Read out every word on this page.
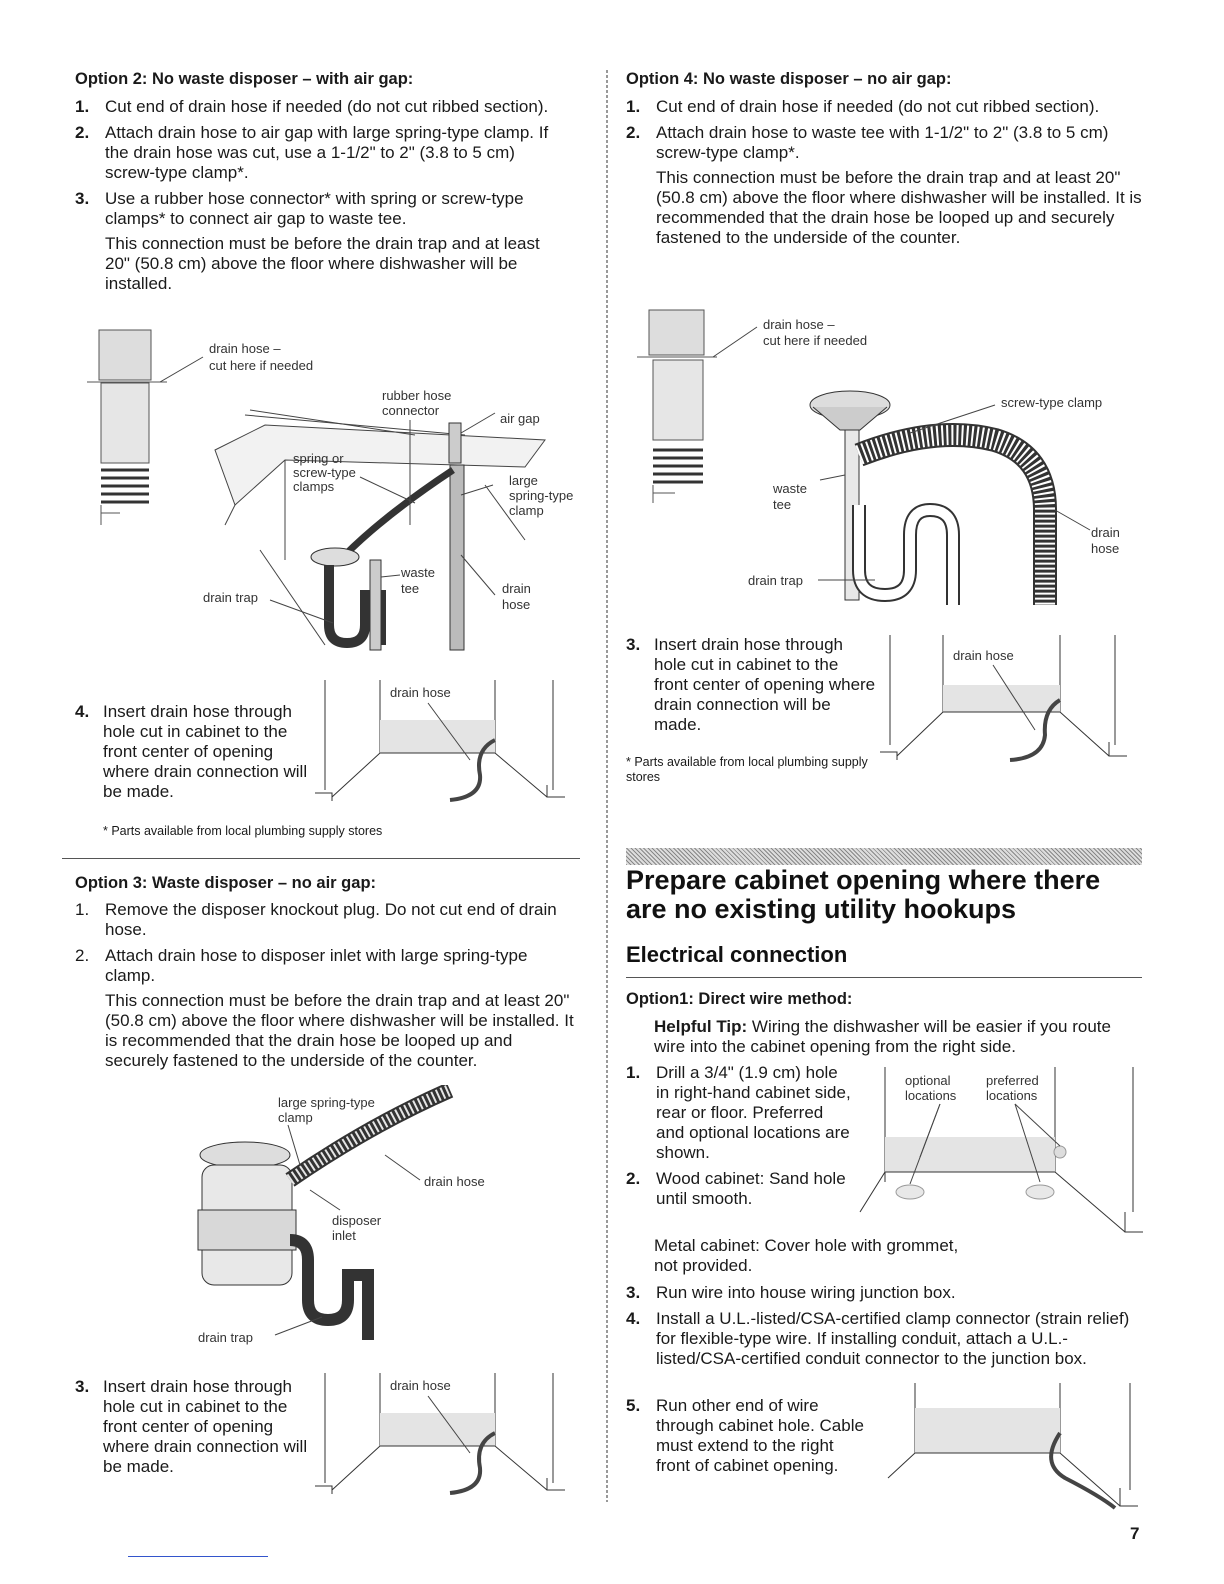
Option 2: No waste disposer – with air gap:
1. Cut end of drain hose if needed (do not cut ribbed section).
2. Attach drain hose to air gap with large spring-type clamp. If the drain hose was cut, use a 1-1/2" to 2" (3.8 to 5 cm) screw-type clamp*.
3. Use a rubber hose connector* with spring or screw-type clamps* to connect air gap to waste tee.

This connection must be before the drain trap and at least 20" (50.8 cm) above the floor where dishwasher will be installed.

drain hose –
cut here if needed
rubber hose
connector
air gap
spring or
screw-type
clamps	large
spring-type
clamp
waste
tee
drain trap
drain
hose
4. Insert drain hose through hole cut in cabinet to the front center of opening where drain connection will be made.
drain hose
* Parts available from local plumbing supply stores
Option 3: Waste disposer – no air gap:
1. Remove the disposer knockout plug. Do not cut end of drain hose.
2. Attach drain hose to disposer inlet with large spring-type clamp.

This connection must be before the drain trap and at least 20" (50.8 cm) above the floor where dishwasher will be installed. It is recommended that the drain hose be looped up and securely fastened to the underside of the counter.

large spring-type
clamp
drain hose
disposer
inlet
drain trap
3. Insert drain hose through hole cut in cabinet to the front center of opening where drain connection will be made.
drain hose
Option 4: No waste disposer – no air gap:
1. Cut end of drain hose if needed (do not cut ribbed section).
2. Attach drain hose to waste tee with 1-1/2" to 2" (3.8 to 5 cm) screw-type clamp*.

This connection must be before the drain trap and at least 20" (50.8 cm) above the floor where dishwasher will be installed. It is recommended that the drain hose be looped up and securely fastened to the underside of the counter.

drain hose –
cut here if needed
screw-type clamp
waste
tee
drain
hose
drain trap
3. Insert drain hose through hole cut in cabinet to the front center of opening where drain connection will be made.
* Parts available from local plumbing supply stores
drain hose
Prepare cabinet opening where there are no existing utility hookups
Electrical connection
Option1: Direct wire method:
Helpful Tip: Wiring the dishwasher will be easier if you route wire into the cabinet opening from the right side.
1. Drill a 3/4" (1.9 cm) hole in right-hand cabinet side, rear or floor. Preferred and optional locations are shown.
2. Wood cabinet: Sand hole until smooth.
Metal cabinet: Cover hole with grommet, not provided.
3. Run wire into house wiring junction box.
4. Install a U.L.-listed/CSA-certified clamp connector (strain relief) for flexible-type wire. If installing conduit, attach a U.L.-listed/CSA-certified conduit connector to the junction box.
5. Run other end of wire through cabinet hole. Cable must extend to the right front of cabinet opening.
optional
locations
preferred
locations
7
